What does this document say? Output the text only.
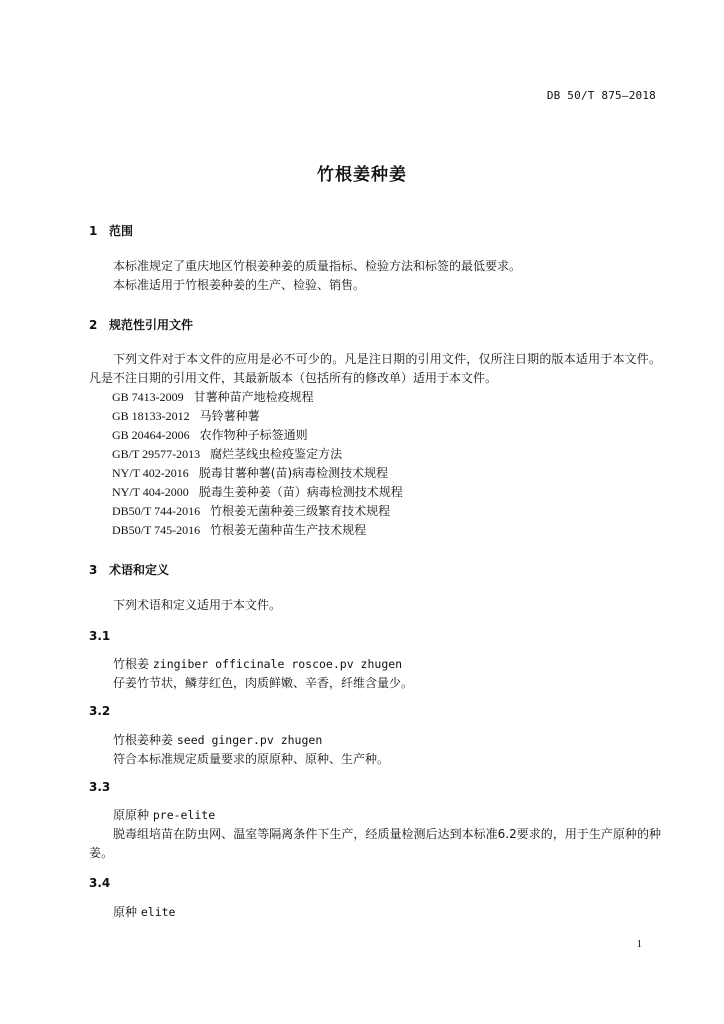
DB 50/T 875—2018
竹根姜种姜
1 范围
本标准规定了重庆地区竹根姜种姜的质量指标、检验方法和标签的最低要求。
本标准适用于竹根姜种姜的生产、检验、销售。
2 规范性引用文件
下列文件对于本文件的应用是必不可少的。凡是注日期的引用文件，仅所注日期的版本适用于本文件。凡是不注日期的引用文件，其最新版本（包括所有的修改单）适用于本文件。
GB 7413-2009 甘薯种苗产地检疫规程
GB 18133-2012 马铃薯种薯
GB 20464-2006 农作物种子标签通则
GB/T 29577-2013 腐烂茎线虫检疫鉴定方法
NY/T 402-2016 脱毒甘薯种薯(苗)病毒检测技术规程
NY/T 404-2000 脱毒生姜种姜（苗）病毒检测技术规程
DB50/T 744-2016 竹根姜无菌种姜三级繁育技术规程
DB50/T 745-2016 竹根姜无菌种苗生产技术规程
3 术语和定义
下列术语和定义适用于本文件。
3.1
竹根姜 zingiber officinale roscoe.pv zhugen
仔姜竹节状，鳞芽红色，肉质鲜嫩、辛香，纤维含量少。
3.2
竹根姜种姜 seed ginger.pv zhugen
符合本标准规定质量要求的原原种、原种、生产种。
3.3
原原种 pre-elite
脱毒组培苗在防虫网、温室等隔离条件下生产，经质量检测后达到本标准6.2要求的，用于生产原种的种姜。
3.4
原种 elite
1
